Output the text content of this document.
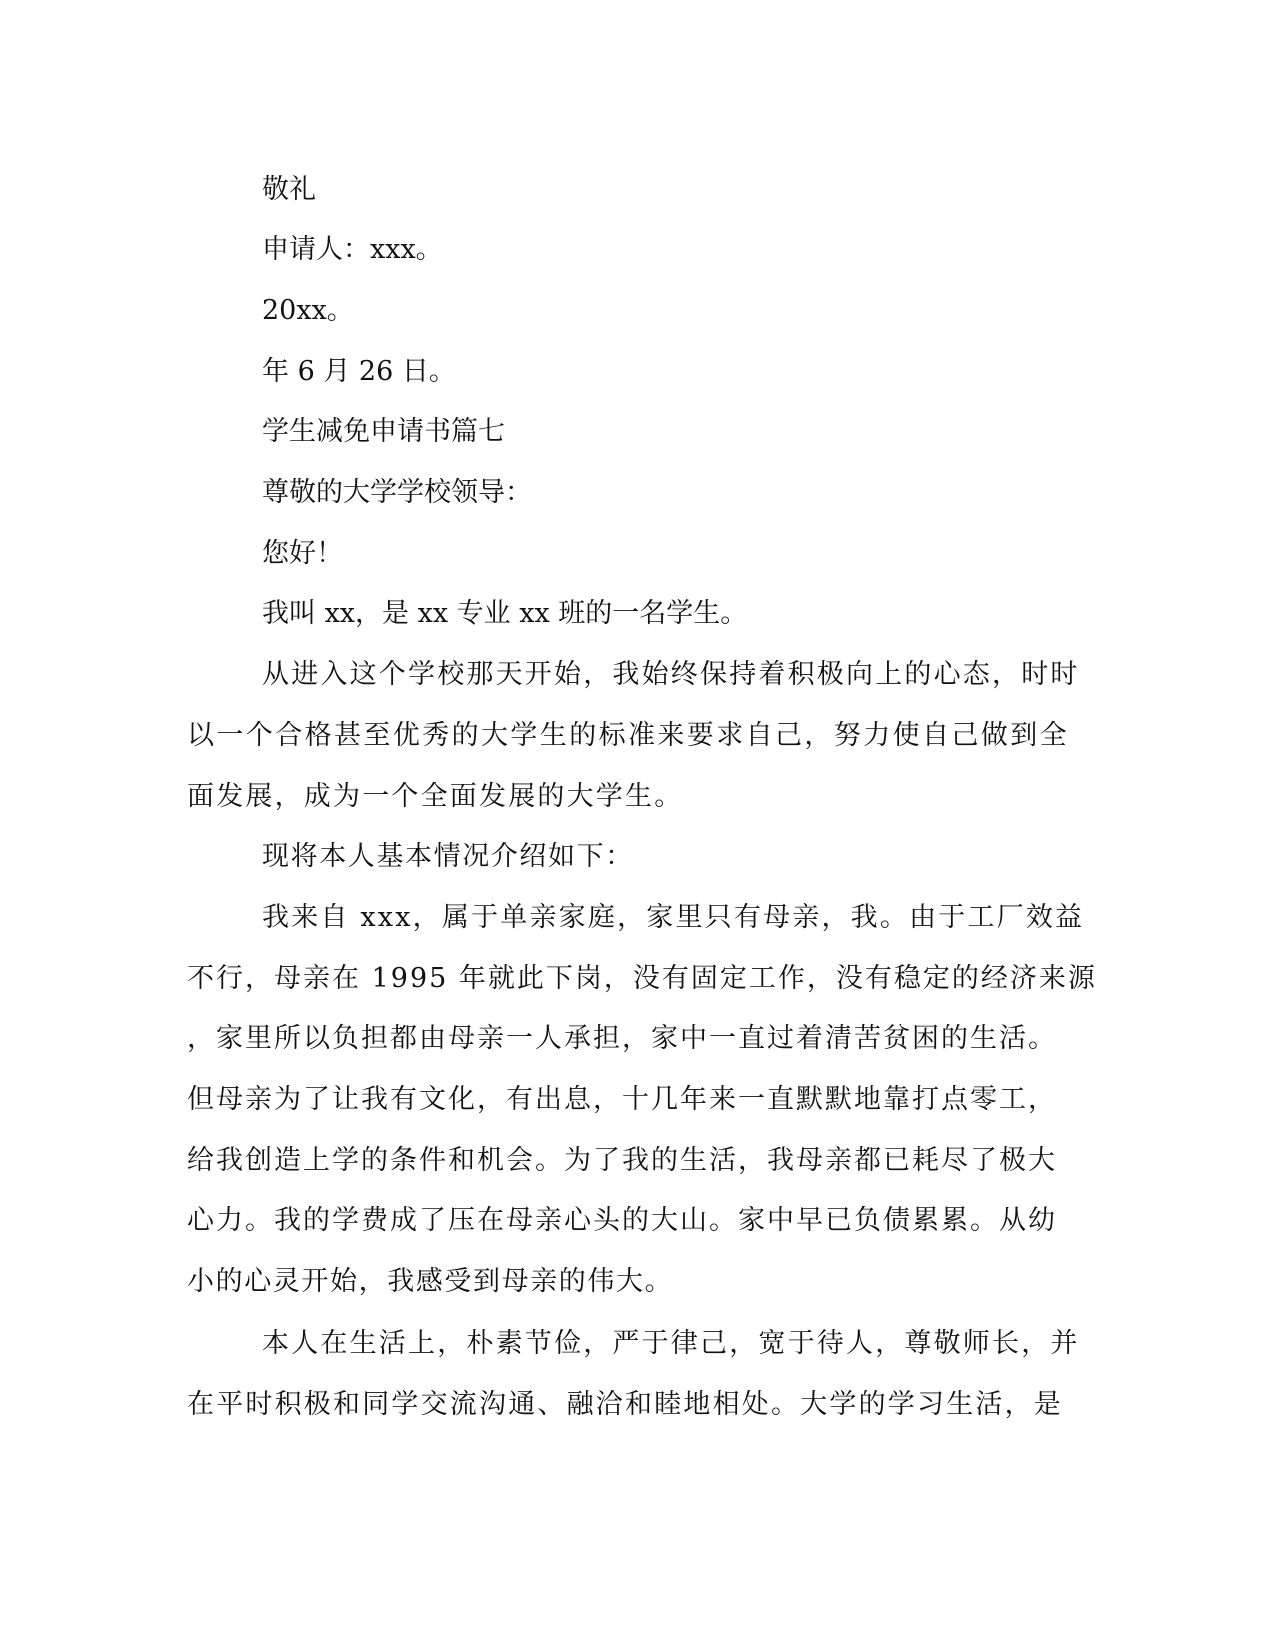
敬礼
申请人：xxx。
20xx。
年 6 月 26 日。
学生减免申请书篇七
尊敬的大学学校领导：
您好！
我叫 xx，是 xx 专业 xx 班的一名学生。
从进入这个学校那天开始，我始终保持着积极向上的心态，时时
以一个合格甚至优秀的大学生的标准来要求自己，努力使自己做到全
面发展，成为一个全面发展的大学生。
现将本人基本情况介绍如下：
我来自 xxx，属于单亲家庭，家里只有母亲，我。由于工厂效益
不行，母亲在 1995 年就此下岗，没有固定工作，没有稳定的经济来源
，家里所以负担都由母亲一人承担，家中一直过着清苦贫困的生活。
但母亲为了让我有文化，有出息，十几年来一直默默地靠打点零工，
给我创造上学的条件和机会。为了我的生活，我母亲都已耗尽了极大
心力。我的学费成了压在母亲心头的大山。家中早已负债累累。从幼
小的心灵开始，我感受到母亲的伟大。
本人在生活上，朴素节俭，严于律己，宽于待人，尊敬师长，并
在平时积极和同学交流沟通、融洽和睦地相处。大学的学习生活，是
